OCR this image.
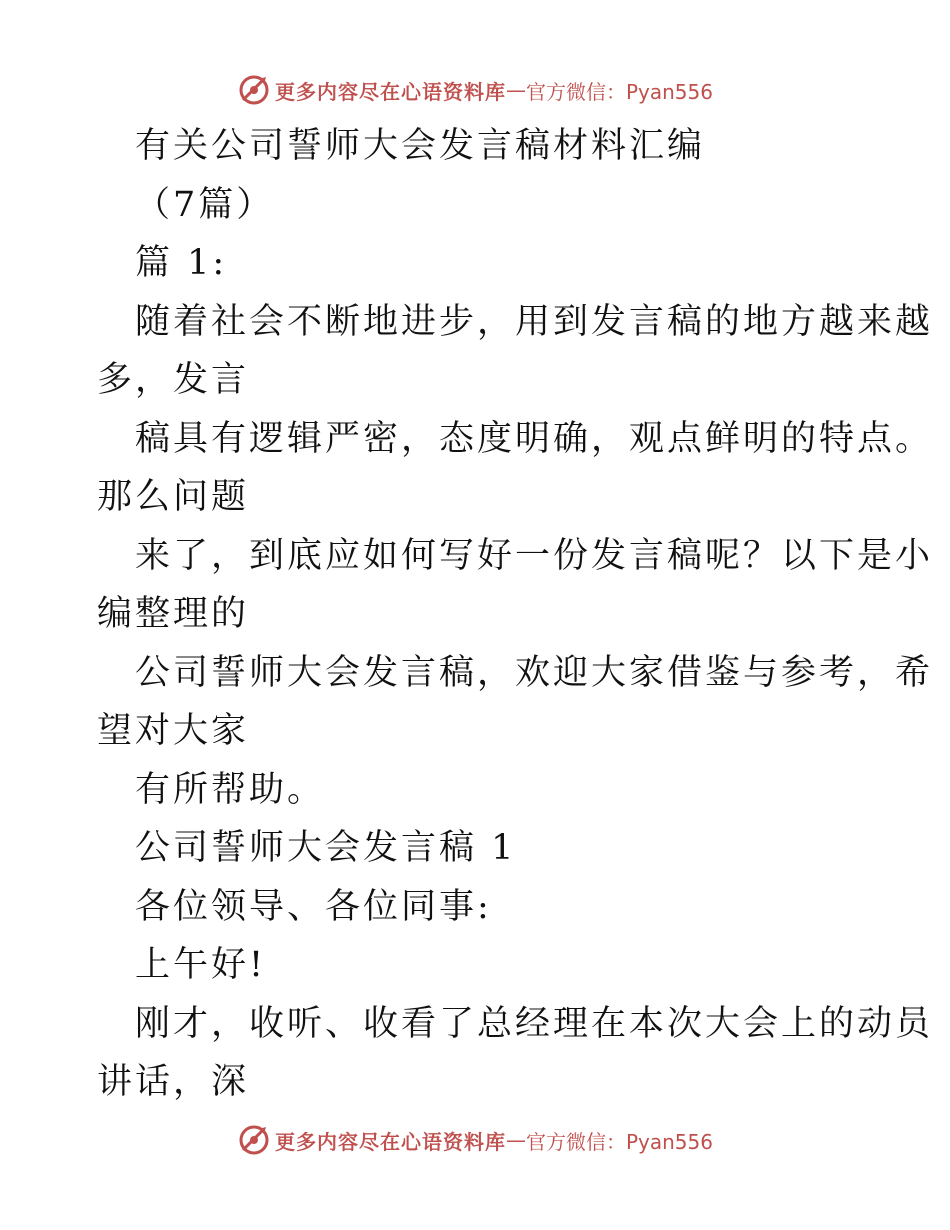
更多内容尽在心语资料库 — 官方微信：Pyan556
有关公司誓师大会发言稿材料汇编
（7篇）
篇 1:
随着社会不断地进步，用到发言稿的地方越来越
多，发言
稿具有逻辑严密，态度明确，观点鲜明的特点。
那么问题
来了，到底应如何写好一份发言稿呢？以下是小
编整理的
公司誓师大会发言稿，欢迎大家借鉴与参考，希
望对大家
有所帮助。
公司誓师大会发言稿 1
各位领导、各位同事:
上午好!
刚才，收听、收看了总经理在本次大会上的动员
讲话，深
更多内容尽在心语资料库 — 官方微信：Pyan556
